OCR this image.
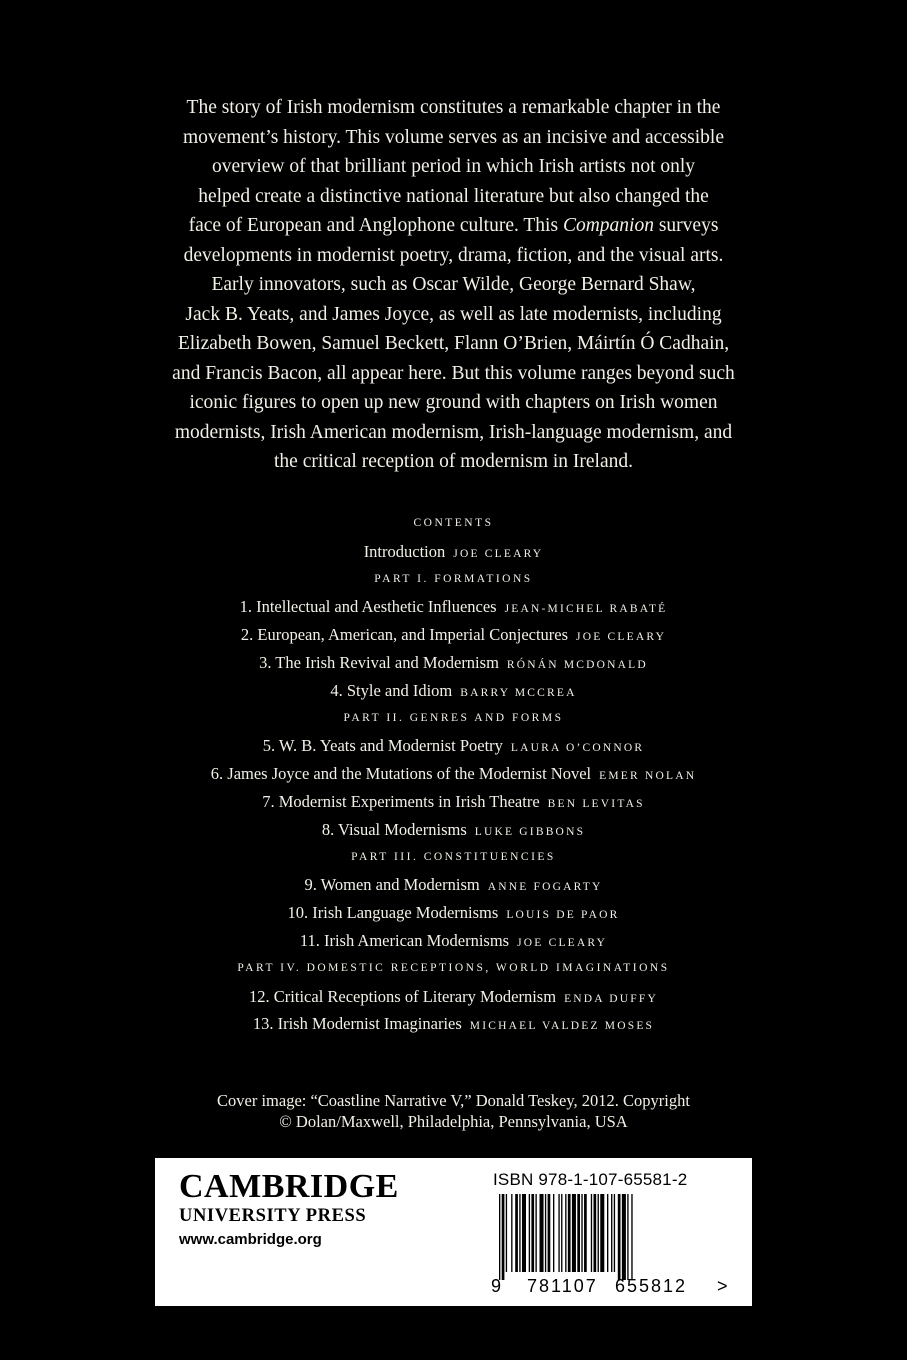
The story of Irish modernism constitutes a remarkable chapter in the
movement’s history. This volume serves as an incisive and accessible
overview of that brilliant period in which Irish artists not only
helped create a distinctive national literature but also changed the
face of European and Anglophone culture. This Companion surveys
developments in modernist poetry, drama, fiction, and the visual arts.
Early innovators, such as Oscar Wilde, George Bernard Shaw,
Jack B. Yeats, and James Joyce, as well as late modernists, including
Elizabeth Bowen, Samuel Beckett, Flann O’Brien, Máirtín Ó Cadhain,
and Francis Bacon, all appear here. But this volume ranges beyond such
iconic figures to open up new ground with chapters on Irish women
modernists, Irish American modernism, Irish-language modernism, and
the critical reception of modernism in Ireland.
CONTENTS
Introduction JOE CLEARY
PART I. FORMATIONS
1. Intellectual and Aesthetic Influences JEAN-MICHEL RABATÉ
2. European, American, and Imperial Conjectures JOE CLEARY
3. The Irish Revival and Modernism RÓNÁN MCDONALD
4. Style and Idiom BARRY MCCREA
PART II. GENRES AND FORMS
5. W. B. Yeats and Modernist Poetry LAURA O’CONNOR
6. James Joyce and the Mutations of the Modernist Novel EMER NOLAN
7. Modernist Experiments in Irish Theatre BEN LEVITAS
8. Visual Modernisms LUKE GIBBONS
PART III. CONSTITUENCIES
9. Women and Modernism ANNE FOGARTY
10. Irish Language Modernisms LOUIS DE PAOR
11. Irish American Modernisms JOE CLEARY
PART IV. DOMESTIC RECEPTIONS, WORLD IMAGINATIONS
12. Critical Receptions of Literary Modernism ENDA DUFFY
13. Irish Modernist Imaginaries MICHAEL VALDEZ MOSES
Cover image: “Coastline Narrative V,” Donald Teskey, 2012. Copyright
© Dolan/Maxwell, Philadelphia, Pennsylvania, USA
CAMBRIDGE
UNIVERSITY PRESS
www.cambridge.org
ISBN 978-1-107-65581-2
9 781107 655812 >
